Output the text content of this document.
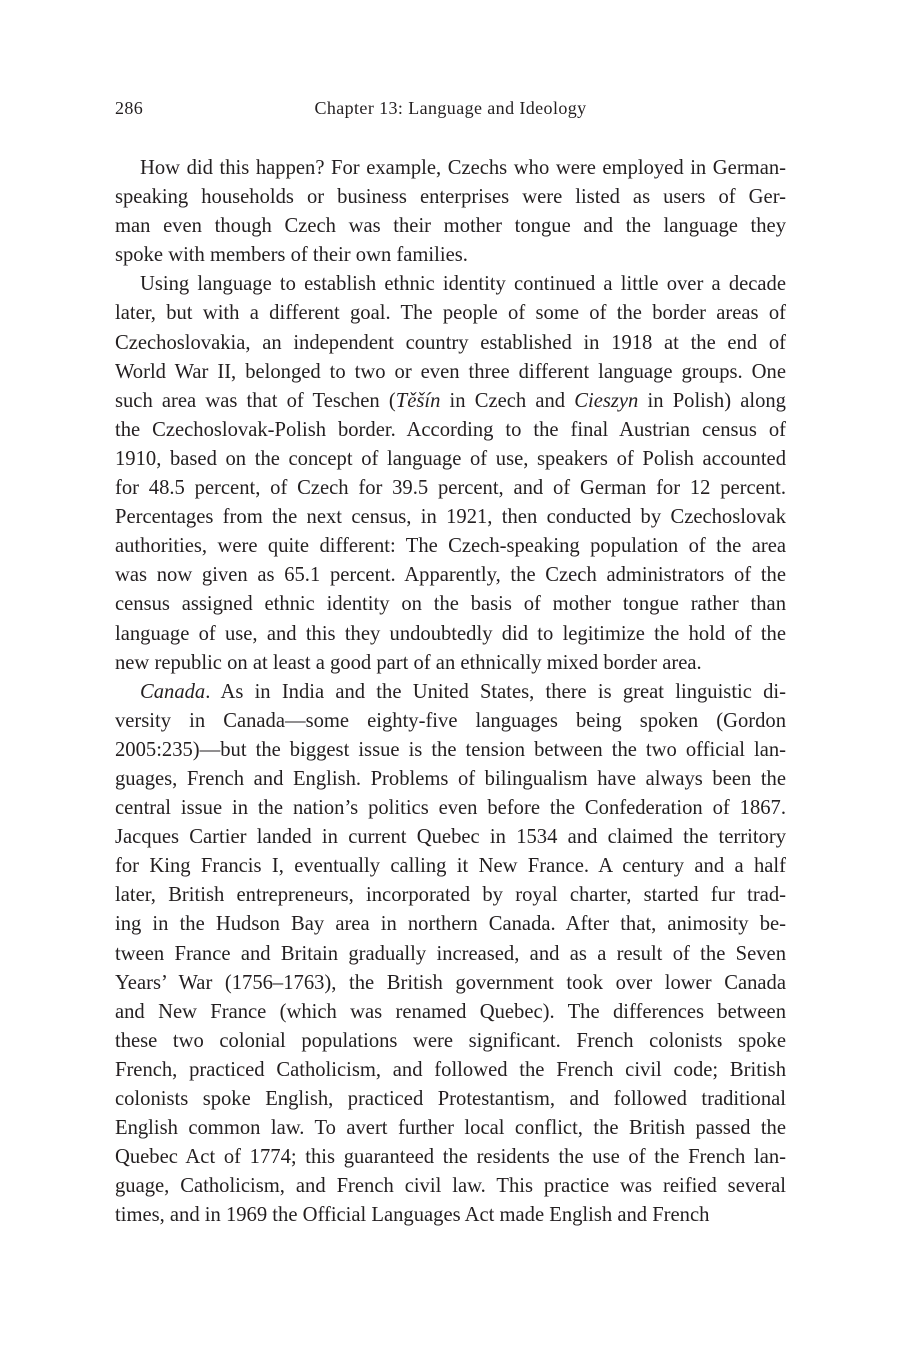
286	Chapter 13: Language and Ideology
How did this happen? For example, Czechs who were employed in German-
speaking households or business enterprises were listed as users of Ger-
man even though Czech was their mother tongue and the language they
spoke with members of their own families.
Using language to establish ethnic identity continued a little over a decade
later, but with a different goal. The people of some of the border areas of
Czechoslovakia, an independent country established in 1918 at the end of
World War II, belonged to two or even three different language groups. One
such area was that of Teschen (Těšín in Czech and Cieszyn in Polish) along
the Czechoslovak-Polish border. According to the final Austrian census of
1910, based on the concept of language of use, speakers of Polish accounted
for 48.5 percent, of Czech for 39.5 percent, and of German for 12 percent.
Percentages from the next census, in 1921, then conducted by Czechoslovak
authorities, were quite different: The Czech-speaking population of the area
was now given as 65.1 percent. Apparently, the Czech administrators of the
census assigned ethnic identity on the basis of mother tongue rather than
language of use, and this they undoubtedly did to legitimize the hold of the
new republic on at least a good part of an ethnically mixed border area.
Canada. As in India and the United States, there is great linguistic di-
versity in Canada—some eighty-five languages being spoken (Gordon
2005:235)—but the biggest issue is the tension between the two official lan-
guages, French and English. Problems of bilingualism have always been the
central issue in the nation’s politics even before the Confederation of 1867.
Jacques Cartier landed in current Quebec in 1534 and claimed the territory
for King Francis I, eventually calling it New France. A century and a half
later, British entrepreneurs, incorporated by royal charter, started fur trad-
ing in the Hudson Bay area in northern Canada. After that, animosity be-
tween France and Britain gradually increased, and as a result of the Seven
Years’ War (1756–1763), the British government took over lower Canada
and New France (which was renamed Quebec). The differences between
these two colonial populations were significant. French colonists spoke
French, practiced Catholicism, and followed the French civil code; British
colonists spoke English, practiced Protestantism, and followed traditional
English common law. To avert further local conflict, the British passed the
Quebec Act of 1774; this guaranteed the residents the use of the French lan-
guage, Catholicism, and French civil law. This practice was reified several
times, and in 1969 the Official Languages Act made English and French
